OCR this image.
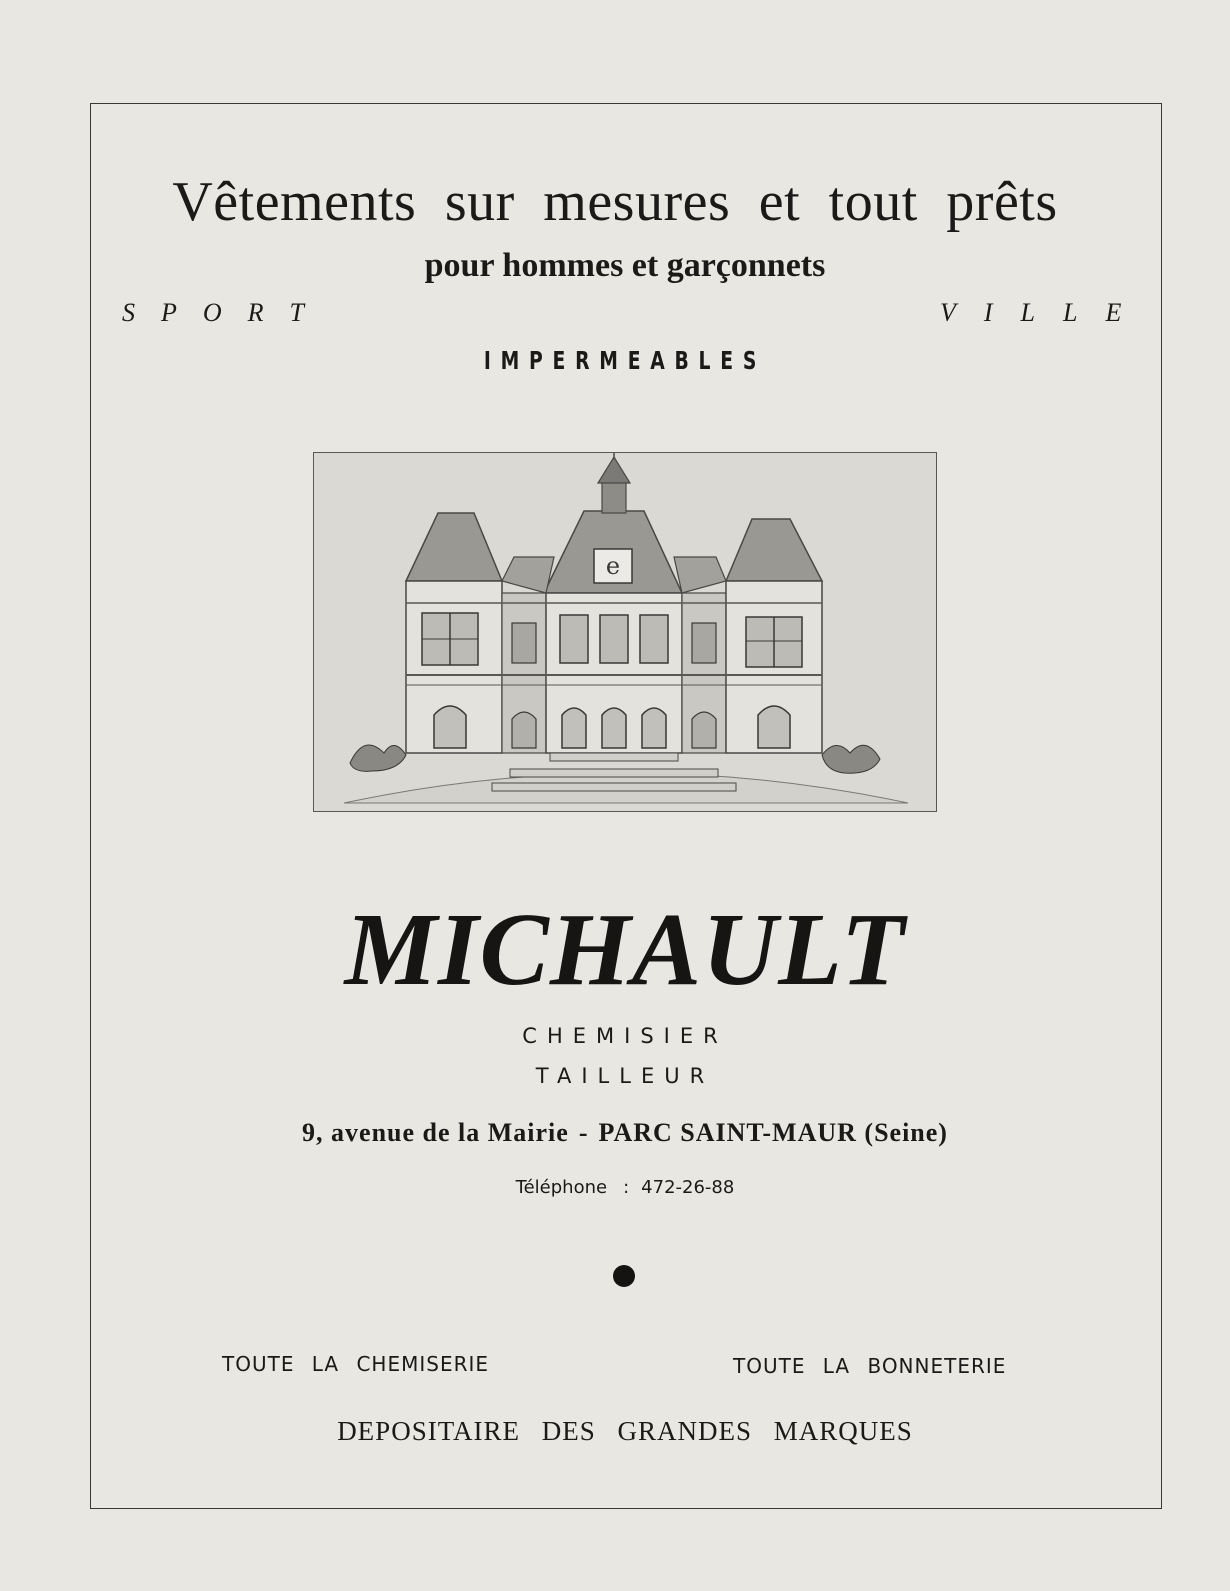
Vêtements sur mesures et tout prêts
pour hommes et garçonnets
SPORT	VILLE
IMPERMEABLES
e
MICHAULT
CHEMISIER
TAILLEUR
9, avenue de la Mairie - PARC SAINT-MAUR (Seine)
Téléphone : 472-26-88
TOUTE LA CHEMISERIE	TOUTE LA BONNETERIE
DEPOSITAIRE DES GRANDES MARQUES
